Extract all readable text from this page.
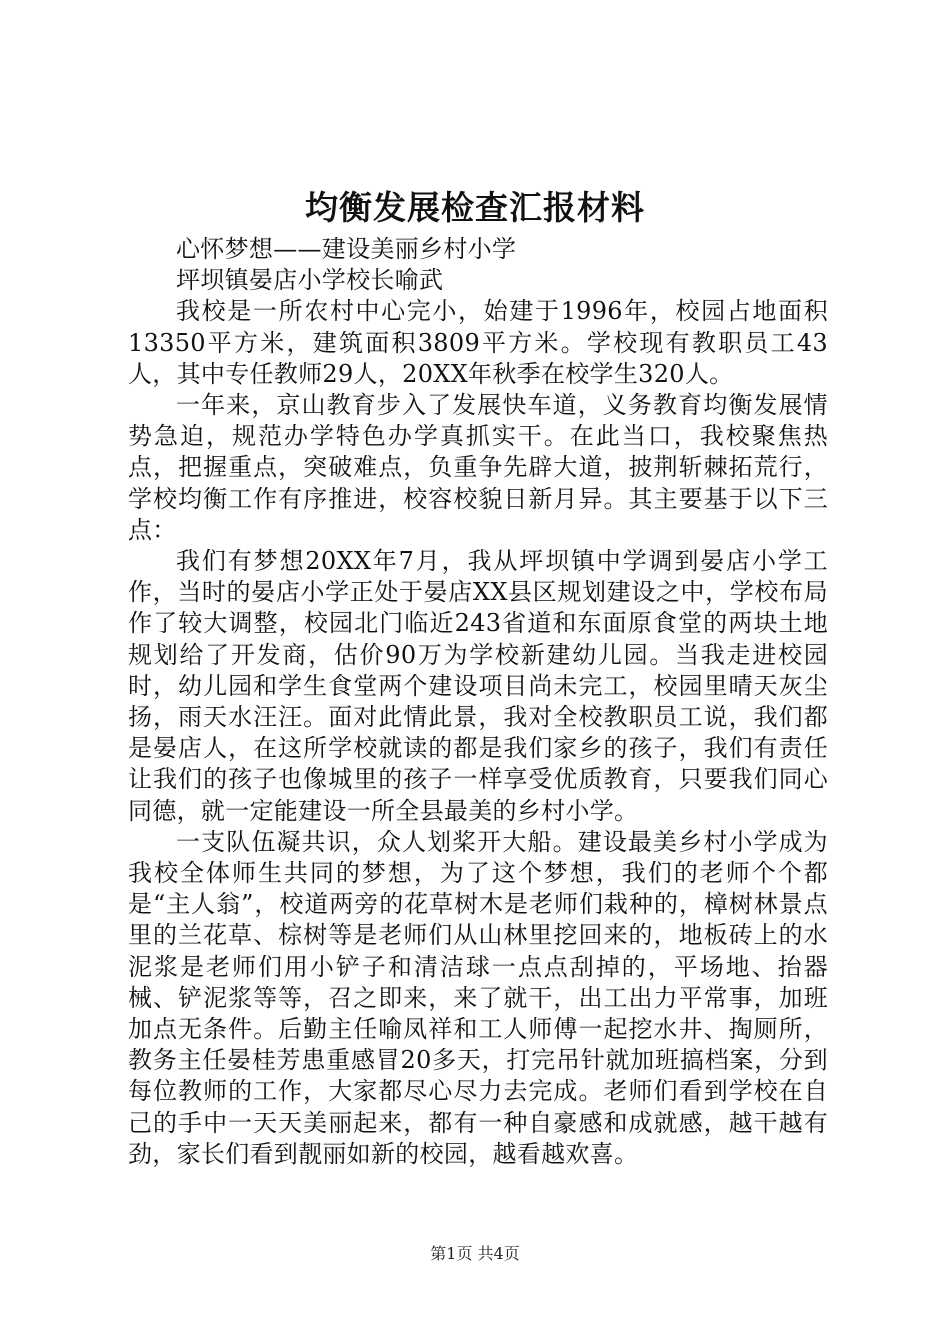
均衡发展检查汇报材料

心怀梦想——建设美丽乡村小学

坪坝镇晏店小学校长喻武

我校是一所农村中心完小，始建于1996年，校园占地面积13350平方米，建筑面积3809平方米。学校现有教职员工43人，其中专任教师29人，20XX年秋季在校学生320人。

一年来，京山教育步入了发展快车道，义务教育均衡发展情势急迫，规范办学特色办学真抓实干。在此当口，我校聚焦热点，把握重点，突破难点，负重争先辟大道，披荆斩棘拓荒行，学校均衡工作有序推进，校容校貌日新月异。其主要基于以下三点：

我们有梦想20XX年7月，我从坪坝镇中学调到晏店小学工作，当时的晏店小学正处于晏店XX县区规划建设之中，学校布局作了较大调整，校园北门临近243省道和东面原食堂的两块土地规划给了开发商，估价90万为学校新建幼儿园。当我走进校园时，幼儿园和学生食堂两个建设项目尚未完工，校园里晴天灰尘扬，雨天水汪汪。面对此情此景，我对全校教职员工说，我们都是晏店人，在这所学校就读的都是我们家乡的孩子，我们有责任让我们的孩子也像城里的孩子一样享受优质教育，只要我们同心同德，就一定能建设一所全县最美的乡村小学。

一支队伍凝共识，众人划桨开大船。建设最美乡村小学成为我校全体师生共同的梦想，为了这个梦想，我们的老师个个都是“主人翁”，校道两旁的花草树木是老师们栽种的，樟树林景点里的兰花草、棕树等是老师们从山林里挖回来的，地板砖上的水泥浆是老师们用小铲子和清洁球一点点刮掉的，平场地、抬器械、铲泥浆等等，召之即来，来了就干，出工出力平常事，加班加点无条件。后勤主任喻凤祥和工人师傅一起挖水井、掏厕所，教务主任晏桂芳患重感冒20多天，打完吊针就加班搞档案，分到每位教师的工作，大家都尽心尽力去完成。老师们看到学校在自己的手中一天天美丽起来，都有一种自豪感和成就感，越干越有劲，家长们看到靓丽如新的校园，越看越欢喜。

第1页 共4页
